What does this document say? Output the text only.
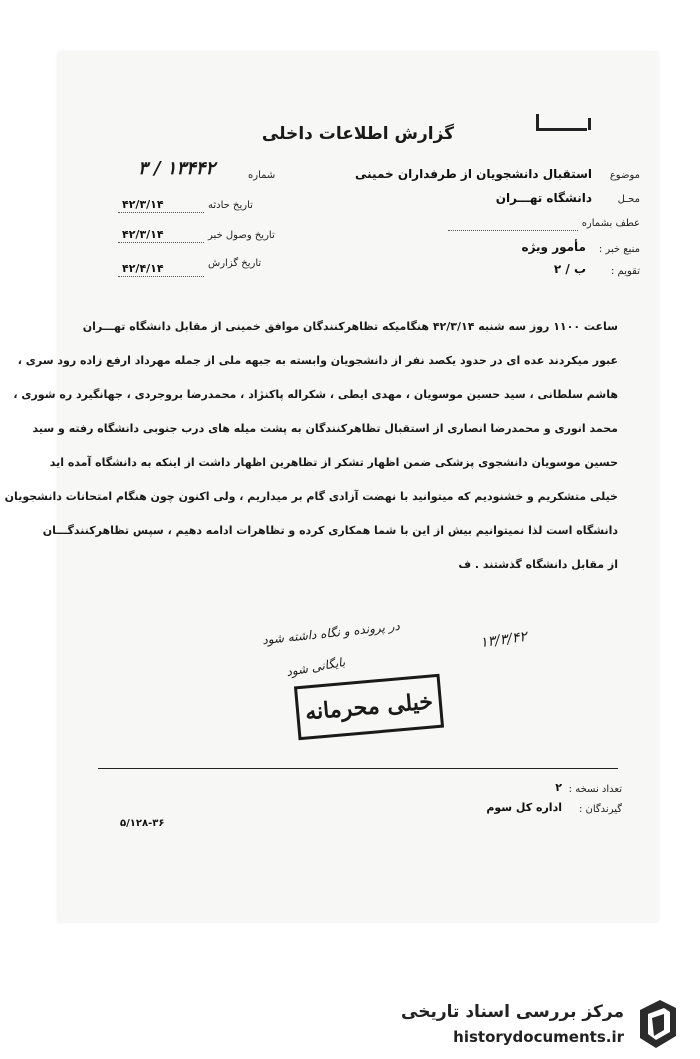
گزارش اطلاعات داخلی
موضوع
استقبال دانشجویان از طرفداران خمینی
محـل
دانشگاه تهـــران
عطف بشماره
منبع خبر :
مأمور ویژه
تقویم :
ب / ۲
شماره
۳ / ۱۳۴۴۲
تاریخ حادثه
۴۲/۳/۱۴
تاریخ وصول خبر
۴۲/۳/۱۴
تاریخ گزارش
۴۲/۴/۱۴
ساعت ۱۱۰۰ روز سه شنبه ۴۲/۳/۱۴ هنگامیکه تظاهرکنندگان موافق خمینی از مقابل دانشگاه تهـــران
عبور میکردند عده ای در حدود یکصد نفر از دانشجویان وابسته به جبهه ملی از جمله مهرداد ارفع زاده رود سری ،
هاشم سلطانی ، سید حسین موسویان ، مهدی ایطی ، شکراله پاکنژاد ، محمدرضا بروجردی ، جهانگیرد ره شوری ،
محمد انوری و محمدرضا انصاری از استقبال تظاهرکنندگان به پشت میله های درب جنوبی دانشگاه رفته و سید
حسین موسویان دانشجوی پزشکی ضمن اظهار تشکر از تظاهرین اظهار داشت از اینکه به دانشگاه آمده اید
خیلی متشکریم و خشنودیم که میتوانید با نهضت آزادی گام بر میداریم ، ولی اکنون چون هنگام امتحانات دانشجویان
دانشگاه است لذا نمیتوانیم بیش از این با شما همکاری کرده و تظاهرات ادامه دهیم ، سپس تظاهرکنندگـــان
از مقابل دانشگاه گذشتند . ف
در پرونده و نگاه داشته شود	۱۳/۳/۴۲
بایگانی شود
خیلی محرمانه
تعداد نسخه :
۲
گیرندگان :
اداره کل سوم
۵/۱۲۸-۳۶
مرکز بررسی اسناد تاریخی
historydocuments.ir
